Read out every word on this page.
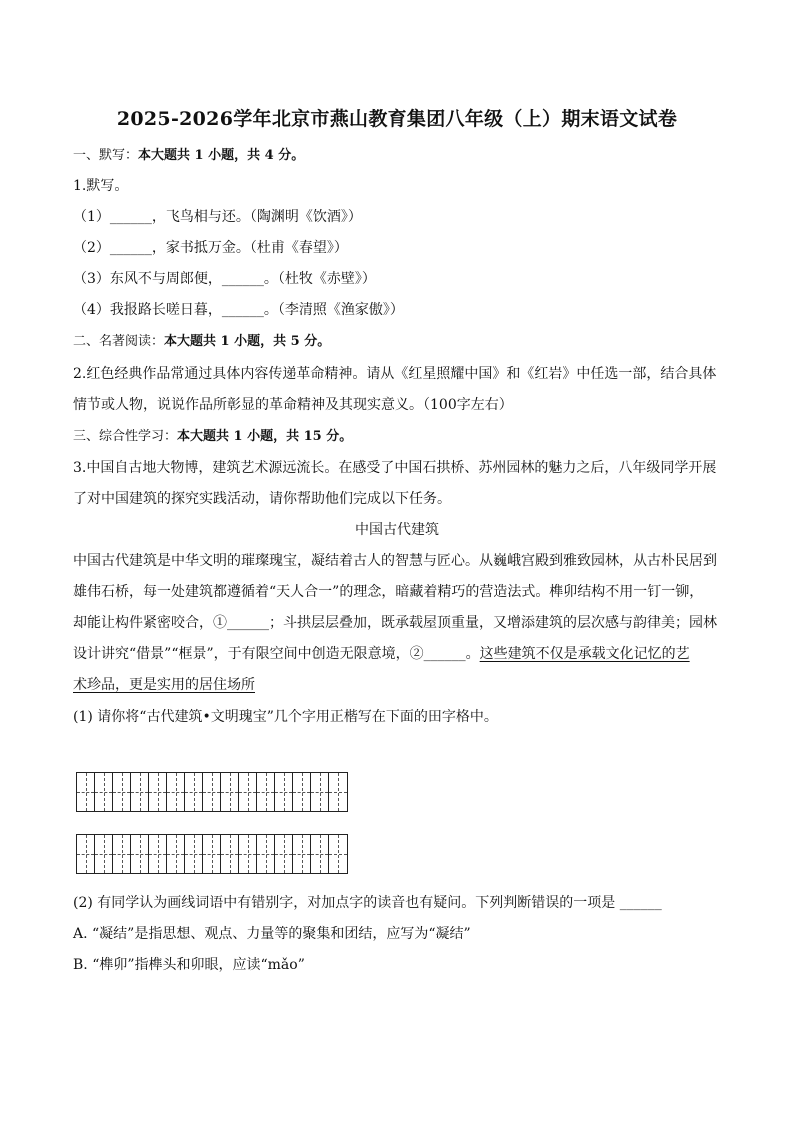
2025-2026学年北京市燕山教育集团八年级（上）期末语文试卷
一、默写：本大题共 1 小题，共 4 分。
1.默写。
（1）______，飞鸟相与还。（陶渊明《饮酒》）
（2）______，家书抵万金。（杜甫《春望》）
（3）东风不与周郎便，______。（杜牧《赤壁》）
（4）我报路长嗟日暮，______。（李清照《渔家傲》）
二、名著阅读：本大题共 1 小题，共 5 分。
2.红色经典作品常通过具体内容传递革命精神。请从《红星照耀中国》和《红岩》中任选一部，结合具体
情节或人物，说说作品所彰显的革命精神及其现实意义。（100字左右）
三、综合性学习：本大题共 1 小题，共 15 分。
3.中国自古地大物博，建筑艺术源远流长。在感受了中国石拱桥、苏州园林的魅力之后，八年级同学开展
了对中国建筑的探究实践活动，请你帮助他们完成以下任务。
中国古代建筑
中国古代建筑是中华文明的璀璨瑰宝，凝结着古人的智慧与匠心。从巍峨宫殿到雅致园林，从古朴民居到
雄伟石桥，每一处建筑都遵循着“天人合一”的理念，暗藏着精巧的营造法式。榫卯结构不用一钉一铆，
却能让构件紧密咬合，①______；斗拱层层叠加，既承载屋顶重量，又增添建筑的层次感与韵律美；园林
设计讲究“借景”“框景”，于有限空间中创造无限意境，②______。这些建筑不仅是承载文化记忆的艺
术珍品，更是实用的居住场所
(1) 请你将“古代建筑•文明瑰宝”几个字用正楷写在下面的田字格中。
(2) 有同学认为画线词语中有错别字，对加点字的读音也有疑问。下列判断错误的一项是 ______
A. “凝结”是指思想、观点、力量等的聚集和团结，应写为“凝结”
B. “榫卯”指榫头和卯眼，应读“mǎo”
